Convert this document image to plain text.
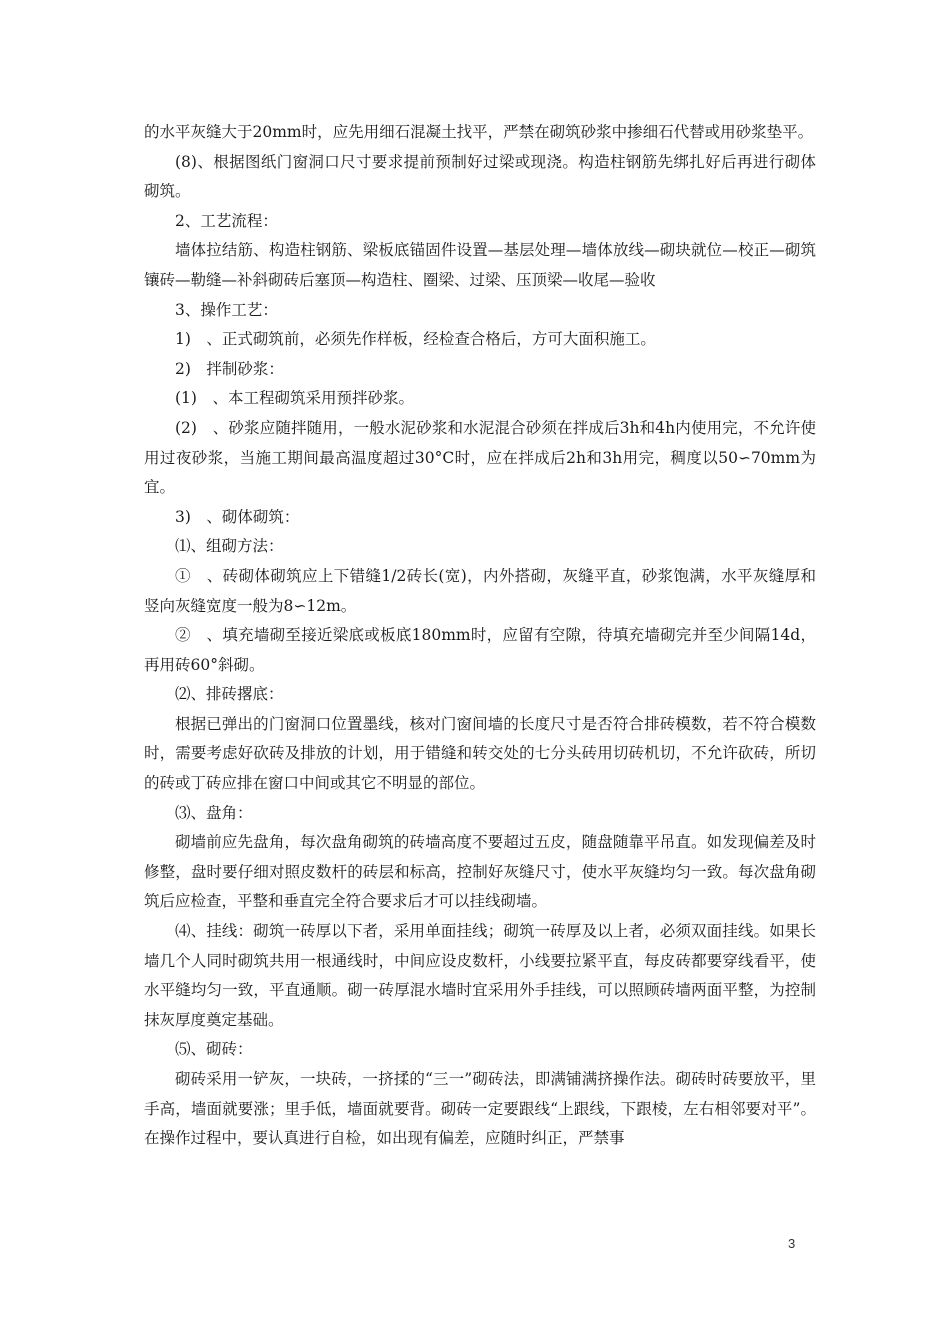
的水平灰缝大于20mm时，应先用细石混凝土找平，严禁在砌筑砂浆中掺细石代替或用砂浆垫平。

(8)、根据图纸门窗洞口尺寸要求提前预制好过梁或现浇。构造柱钢筋先绑扎好后再进行砌体砌筑。

2、工艺流程：

墙体拉结筋、构造柱钢筋、梁板底锚固件设置—基层处理—墙体放线—砌块就位—校正—砌筑镶砖—勒缝—补斜砌砖后塞顶—构造柱、圈梁、过梁、压顶梁—收尾—验收

3、操作工艺：

1)　、正式砌筑前，必须先作样板，经检查合格后，方可大面积施工。

2)　拌制砂浆：

(1)　、本工程砌筑采用预拌砂浆。

(2)　、砂浆应随拌随用，一般水泥砂浆和水泥混合砂须在拌成后3h和4h内使用完，不允许使用过夜砂浆，当施工期间最高温度超过30°C时，应在拌成后2h和3h用完，稠度以50∽70mm为宜。

3)　、砌体砌筑：

⑴、组砌方法：

①　、砖砌体砌筑应上下错缝1/2砖长(宽)，内外搭砌，灰缝平直，砂浆饱满，水平灰缝厚和竖向灰缝宽度一般为8∽12m。

②　、填充墙砌至接近梁底或板底180mm时，应留有空隙，待填充墙砌完并至少间隔14d，再用砖60°斜砌。

⑵、排砖撂底：

根据已弹出的门窗洞口位置墨线，核对门窗间墙的长度尺寸是否符合排砖模数，若不符合模数时，需要考虑好砍砖及排放的计划，用于错缝和转交处的七分头砖用切砖机切，不允许砍砖，所切的砖或丁砖应排在窗口中间或其它不明显的部位。

⑶、盘角：

砌墙前应先盘角，每次盘角砌筑的砖墙高度不要超过五皮，随盘随靠平吊直。如发现偏差及时修整，盘时要仔细对照皮数杆的砖层和标高，控制好灰缝尺寸，使水平灰缝均匀一致。每次盘角砌筑后应检查，平整和垂直完全符合要求后才可以挂线砌墙。

⑷、挂线：砌筑一砖厚以下者，采用单面挂线；砌筑一砖厚及以上者，必须双面挂线。如果长墙几个人同时砌筑共用一根通线时，中间应设皮数杆，小线要拉紧平直，每皮砖都要穿线看平，使水平缝均匀一致，平直通顺。砌一砖厚混水墙时宜采用外手挂线，可以照顾砖墙两面平整，为控制抹灰厚度奠定基础。

⑸、砌砖：

砌砖采用一铲灰，一块砖，一挤揉的“三一”砌砖法，即满铺满挤操作法。砌砖时砖要放平，里手高，墙面就要涨；里手低，墙面就要背。砌砖一定要跟线“上跟线，下跟棱，左右相邻要对平”。在操作过程中，要认真进行自检，如出现有偏差，应随时纠正，严禁事

3
